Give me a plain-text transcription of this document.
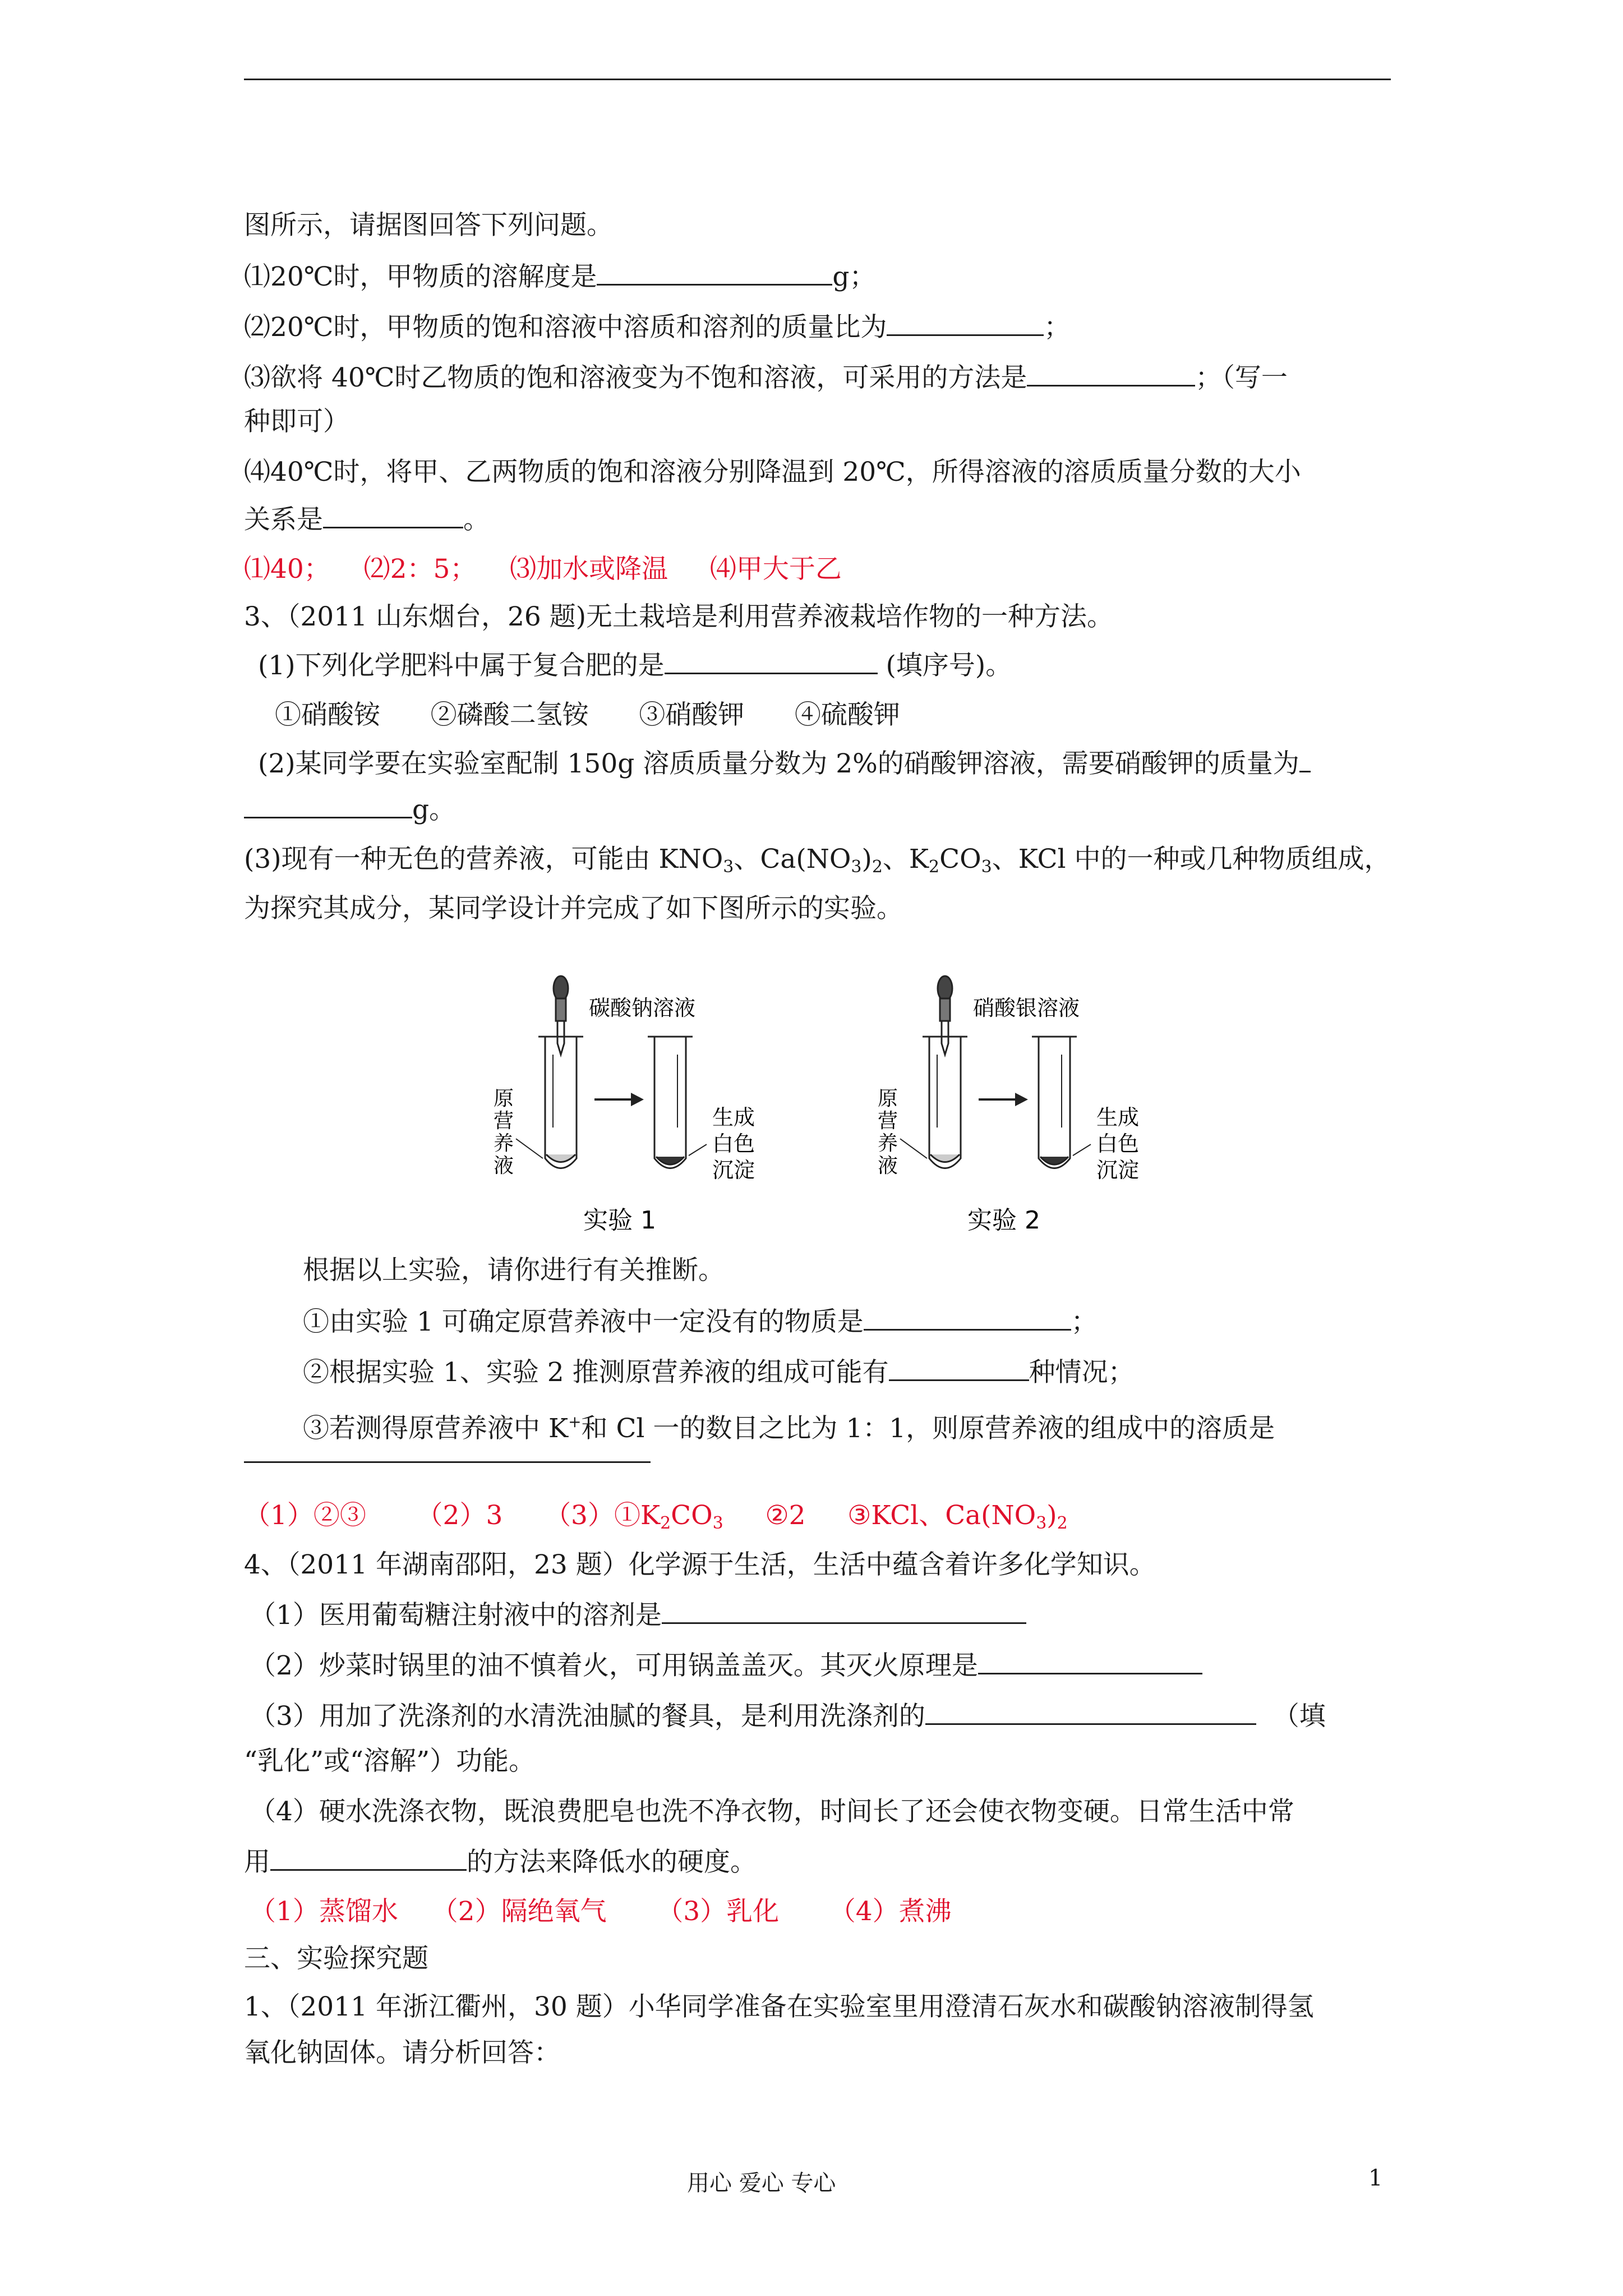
图所示，请据图回答下列问题。
⑴20℃时，甲物质的溶解度是	g；
⑵20℃时，甲物质的饱和溶液中溶质和溶剂的质量比为	；
⑶欲将 40℃时乙物质的饱和溶液变为不饱和溶液，可采用的方法是	；（写一
种即可）
⑷40℃时，将甲、乙两物质的饱和溶液分别降温到 20℃，所得溶液的溶质质量分数的大小
关系是	。
⑴40； ⑵2：5； ⑶加水或降温 ⑷甲大于乙
3、（2011 山东烟台，26 题)无土栽培是利用营养液栽培作物的一种方法。
(1)下列化学肥料中属于复合肥的是	(填序号)。
①硝酸铵 ②磷酸二氢铵 ③硝酸钾 ④硫酸钾
(2)某同学要在实验室配制 150g 溶质质量分数为 2%的硝酸钾溶液，需要硝酸钾的质量为
g。
(3)现有一种无色的营养液，可能由 $KNO_3$、$Ca(NO_3)_2$、$K_2CO_3$、KCl 中的一种或几种物质组成，
为探究其成分，某同学设计并完成了如下图所示的实验。
碳酸钠溶液
原
营
养
液
生成
白色
沉淀
实验 1
硝酸银溶液
原
营
养
液
生成
白色
沉淀
实验 2
根据以上实验，请你进行有关推断。
①由实验 1 可确定原营养液中一定没有的物质是	；
②根据实验 1、实验 2 推测原营养液的组成可能有	种情况；
③若测得原营养液中 K+和 Cl 一的数目之比为 1：1，则原营养液的组成中的溶质是
（1）②③ （2）3 $(3)①K_2CO_3$ ②2 ③KCl、$Ca(NO_3)_2$
4、（2011 年湖南邵阳，23 题）化学源于生活，生活中蕴含着许多化学知识。
（1）医用葡萄糖注射液中的溶剂是
（2）炒菜时锅里的油不慎着火，可用锅盖盖灭。其灭火原理是
（3）用加了洗涤剂的水清洗油腻的餐具，是利用洗涤剂的	（填
“乳化”或“溶解”）功能。
（4）硬水洗涤衣物，既浪费肥皂也洗不净衣物，时间长了还会使衣物变硬。日常生活中常
用	的方法来降低水的硬度。
（1）蒸馏水 （2）隔绝氧气 （3）乳化 （4）煮沸
三、实验探究题
1、（2011 年浙江衢州，30 题）小华同学准备在实验室里用澄清石灰水和碳酸钠溶液制得氢
氧化钠固体。请分析回答：
用心 爱心 专心	1
